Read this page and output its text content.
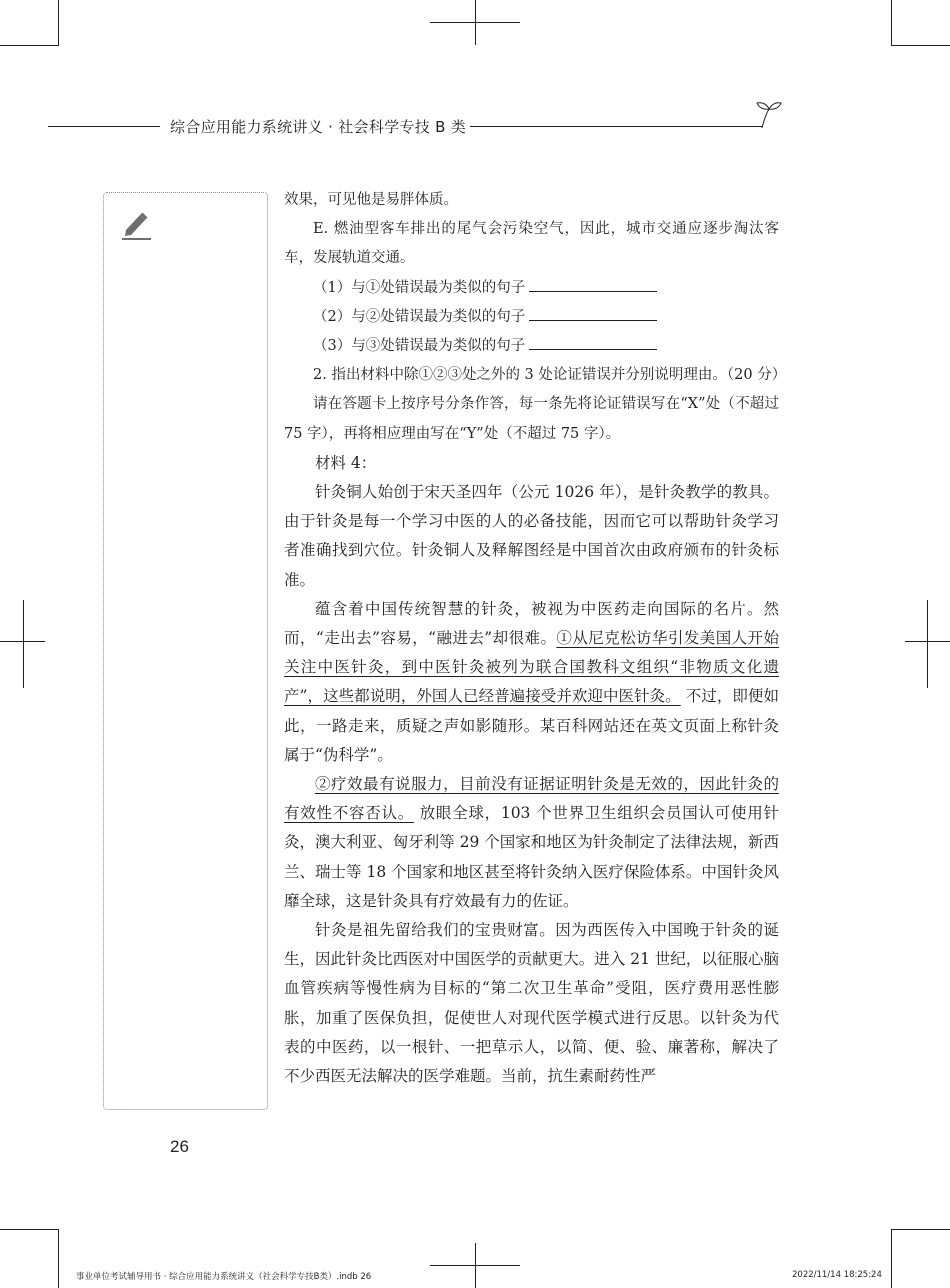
综合应用能力系统讲义 · 社会科学专技 B 类

效果，可见他是易胖体质。

E. 燃油型客车排出的尾气会污染空气，因此，城市交通应逐步淘汰客车，发展轨道交通。

（1）与①处错误最为类似的句子

（2）与②处错误最为类似的句子

（3）与③处错误最为类似的句子

2. 指出材料中除①②③处之外的 3 处论证错误并分别说明理由。（20 分）

请在答题卡上按序号分条作答，每一条先将论证错误写在“X”处（不超过 75 字），再将相应理由写在“Y”处（不超过 75 字）。

材料 4：

针灸铜人始创于宋天圣四年（公元 1026 年），是针灸教学的教具。由于针灸是每一个学习中医的人的必备技能，因而它可以帮助针灸学习者准确找到穴位。针灸铜人及释解图经是中国首次由政府颁布的针灸标准。

蕴含着中国传统智慧的针灸，被视为中医药走向国际的名片。然而，“走出去”容易，“融进去”却很难。①从尼克松访华引发美国人开始关注中医针灸，到中医针灸被列为联合国教科文组织“非物质文化遗产”，这些都说明，外国人已经普遍接受并欢迎中医针灸。 不过，即便如此，一路走来，质疑之声如影随形。某百科网站还在英文页面上称针灸属于“伪科学”。

②疗效最有说服力，目前没有证据证明针灸是无效的，因此针灸的有效性不容否认。 放眼全球，103 个世界卫生组织会员国认可使用针灸，澳大利亚、匈牙利等 29 个国家和地区为针灸制定了法律法规，新西兰、瑞士等 18 个国家和地区甚至将针灸纳入医疗保险体系。中国针灸风靡全球，这是针灸具有疗效最有力的佐证。

针灸是祖先留给我们的宝贵财富。因为西医传入中国晚于针灸的诞生，因此针灸比西医对中国医学的贡献更大。进入 21 世纪，以征服心脑血管疾病等慢性病为目标的“第二次卫生革命”受阻，医疗费用恶性膨胀，加重了医保负担，促使世人对现代医学模式进行反思。以针灸为代表的中医药，以一根针、一把草示人，以简、便、验、廉著称，解决了不少西医无法解决的医学难题。当前，抗生素耐药性严

26
事业单位考试辅导用书 · 综合应用能力系统讲义（社会科学专技B类）.indb 26	2022/11/14 18:25:24
